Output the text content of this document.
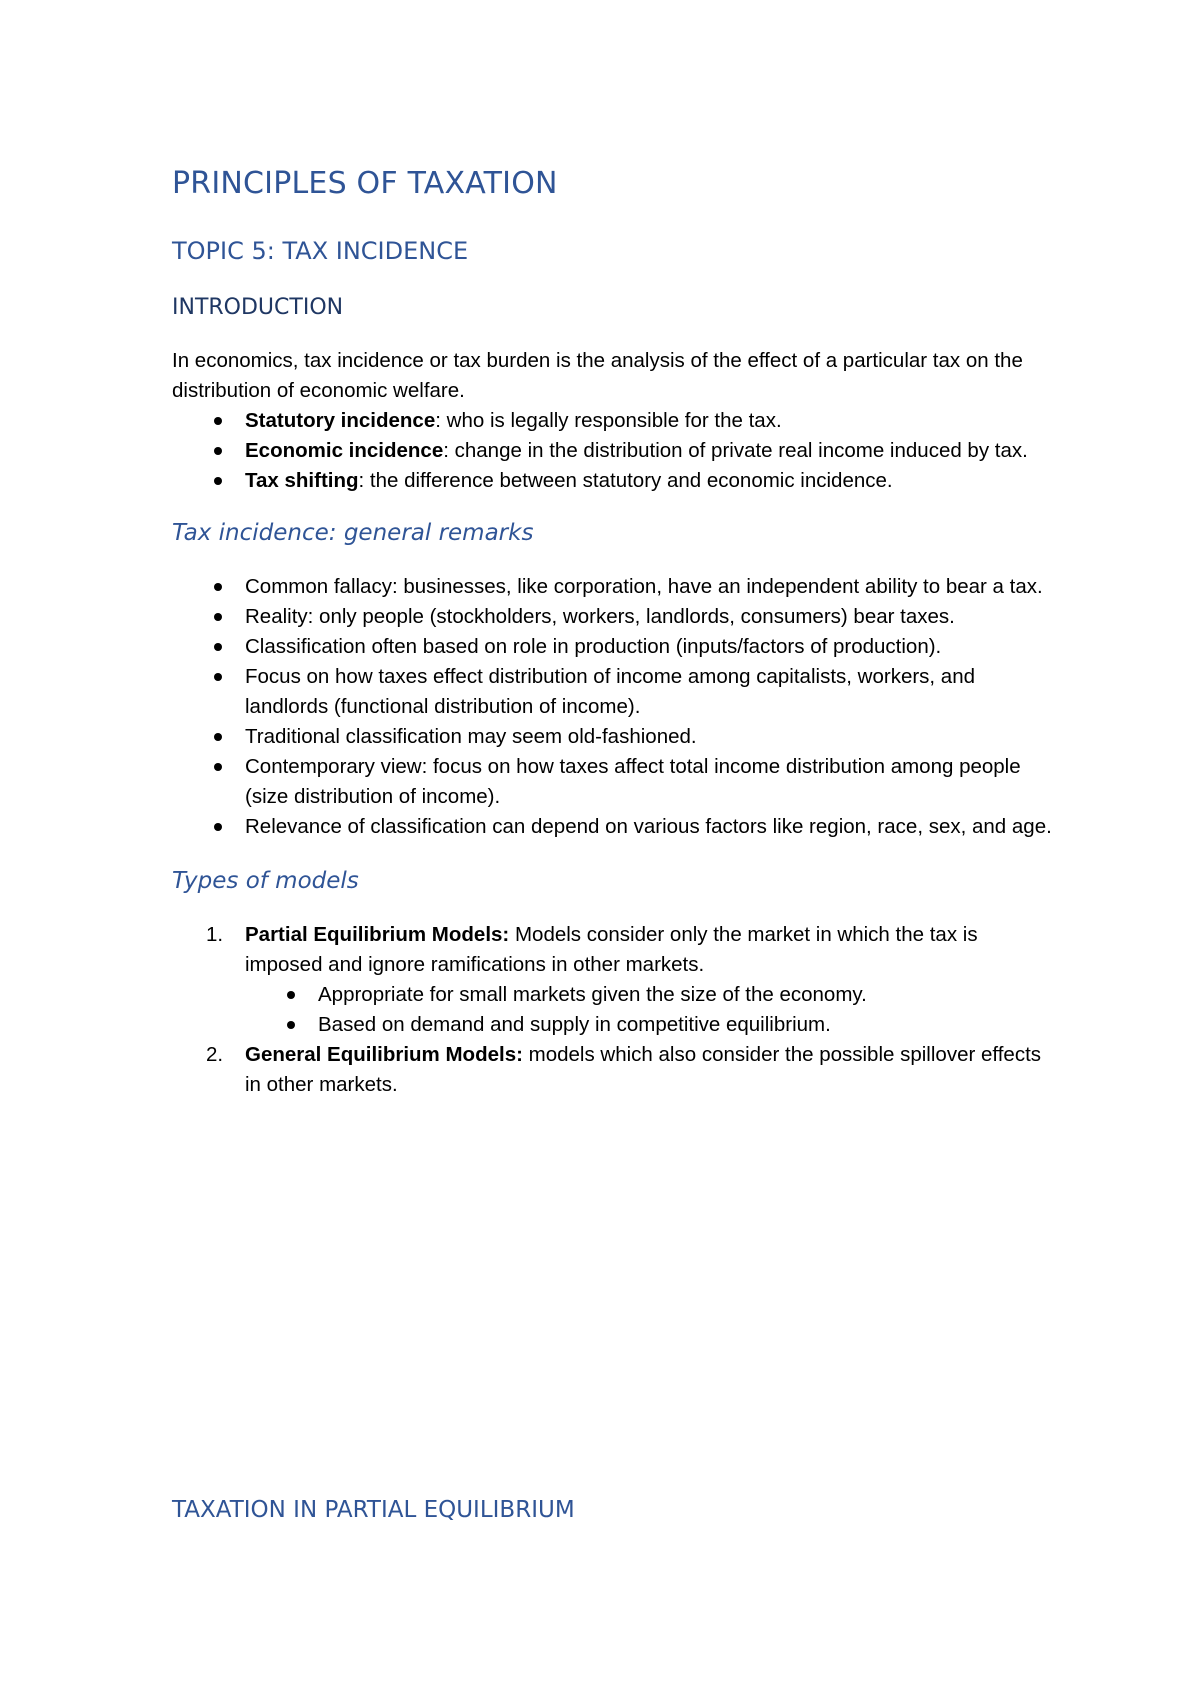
PRINCIPLES OF TAXATION
TOPIC 5: TAX INCIDENCE
INTRODUCTION

In economics, tax incidence or tax burden is the analysis of the effect of a particular tax on the distribution of economic welfare.

Statutory incidence: who is legally responsible for the tax.
Economic incidence: change in the distribution of private real income induced by tax.
Tax shifting: the difference between statutory and economic incidence.
Tax incidence: general remarks
Common fallacy: businesses, like corporation, have an independent ability to bear a tax.
Reality: only people (stockholders, workers, landlords, consumers) bear taxes.
Classification often based on role in production (inputs/factors of production).
Focus on how taxes effect distribution of income among capitalists, workers, and landlords (functional distribution of income).
Traditional classification may seem old-fashioned.
Contemporary view: focus on how taxes affect total income distribution among people (size distribution of income).
Relevance of classification can depend on various factors like region, race, sex, and age.
Types of models
1. Partial Equilibrium Models: Models consider only the market in which the tax is imposed and ignore ramifications in other markets.
Appropriate for small markets given the size of the economy.
Based on demand and supply in competitive equilibrium.
2. General Equilibrium Models: models which also consider the possible spillover effects in other markets.
TAXATION IN PARTIAL EQUILIBRIUM
